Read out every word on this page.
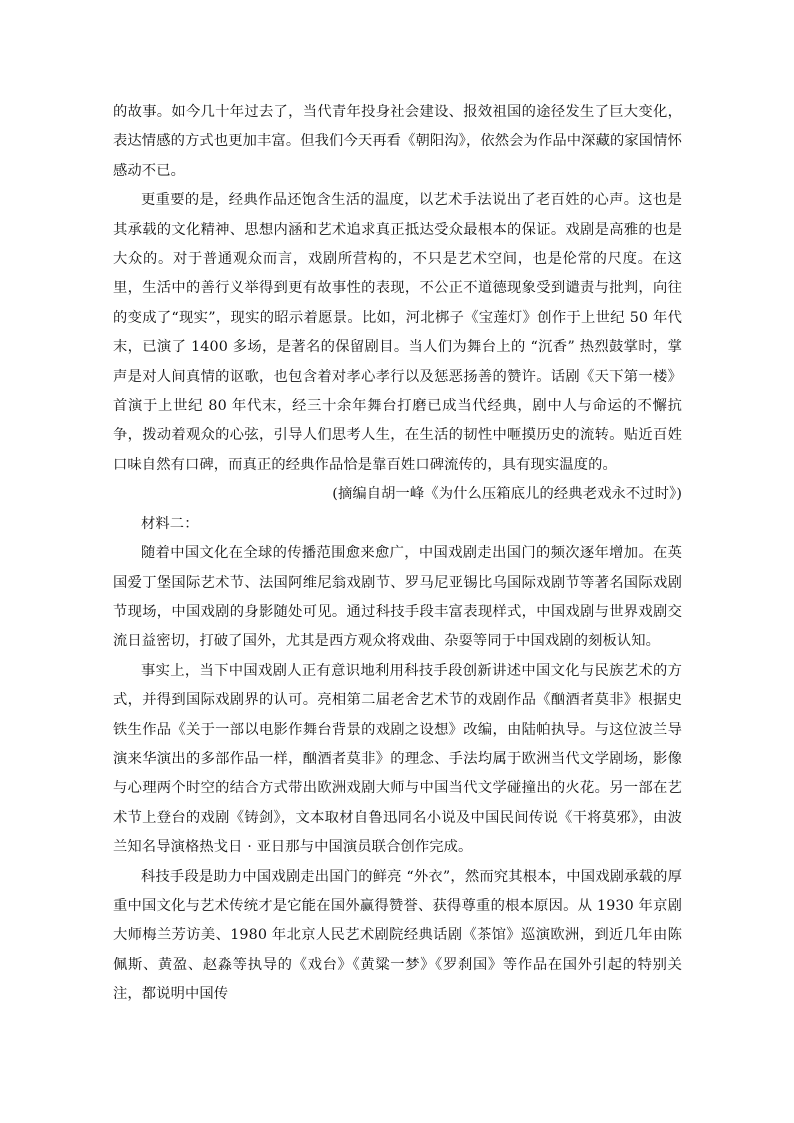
的故事。如今几十年过去了，当代青年投身社会建设、报效祖国的途径发生了巨大变化，表达情感的方式也更加丰富。但我们今天再看《朝阳沟》，依然会为作品中深藏的家国情怀感动不已。

更重要的是，经典作品还饱含生活的温度，以艺术手法说出了老百姓的心声。这也是其承载的文化精神、思想内涵和艺术追求真正抵达受众最根本的保证。戏剧是高雅的也是大众的。对于普通观众而言，戏剧所营构的，不只是艺术空间，也是伦常的尺度。在这里，生活中的善行义举得到更有故事性的表现，不公正不道德现象受到谴责与批判，向往的变成了“现实”，现实的昭示着愿景。比如，河北梆子《宝莲灯》创作于上世纪 50 年代末，已演了 1400 多场，是著名的保留剧目。当人们为舞台上的 “沉香” 热烈鼓掌时，掌声是对人间真情的讴歌，也包含着对孝心孝行以及惩恶扬善的赞许。话剧《天下第一楼》首演于上世纪 80 年代末，经三十余年舞台打磨已成当代经典，剧中人与命运的不懈抗争，拨动着观众的心弦，引导人们思考人生，在生活的韧性中咂摸历史的流转。贴近百姓口味自然有口碑，而真正的经典作品恰是靠百姓口碑流传的，具有现实温度的。

(摘编自胡一峰《为什么压箱底儿的经典老戏永不过时》)

材料二：

随着中国文化在全球的传播范围愈来愈广，中国戏剧走出国门的频次逐年增加。在英国爱丁堡国际艺术节、法国阿维尼翁戏剧节、罗马尼亚锡比乌国际戏剧节等著名国际戏剧节现场，中国戏剧的身影随处可见。通过科技手段丰富表现样式，中国戏剧与世界戏剧交流日益密切，打破了国外，尤其是西方观众将戏曲、杂耍等同于中国戏剧的刻板认知。

事实上，当下中国戏剧人正有意识地利用科技手段创新讲述中国文化与民族艺术的方式，并得到国际戏剧界的认可。亮相第二届老舍艺术节的戏剧作品《酗酒者莫非》根据史铁生作品《关于一部以电影作舞台背景的戏剧之设想》改编，由陆帕执导。与这位波兰导演来华演出的多部作品一样，酗酒者莫非》的理念、手法均属于欧洲当代文学剧场，影像与心理两个时空的结合方式带出欧洲戏剧大师与中国当代文学碰撞出的火花。另一部在艺术节上登台的戏剧《铸剑》，文本取材自鲁迅同名小说及中国民间传说《干将莫邪》，由波兰知名导演格热戈日 · 亚日那与中国演员联合创作完成。

科技手段是助力中国戏剧走出国门的鲜亮 “外衣”，然而究其根本，中国戏剧承载的厚重中国文化与艺术传统才是它能在国外赢得赞誉、获得尊重的根本原因。从 1930 年京剧大师梅兰芳访美、1980 年北京人民艺术剧院经典话剧《茶馆》巡演欧洲，到近几年由陈佩斯、黄盈、赵淼等执导的《戏台》《黄粱一梦》《罗刹国》等作品在国外引起的特别关注，都说明中国传
